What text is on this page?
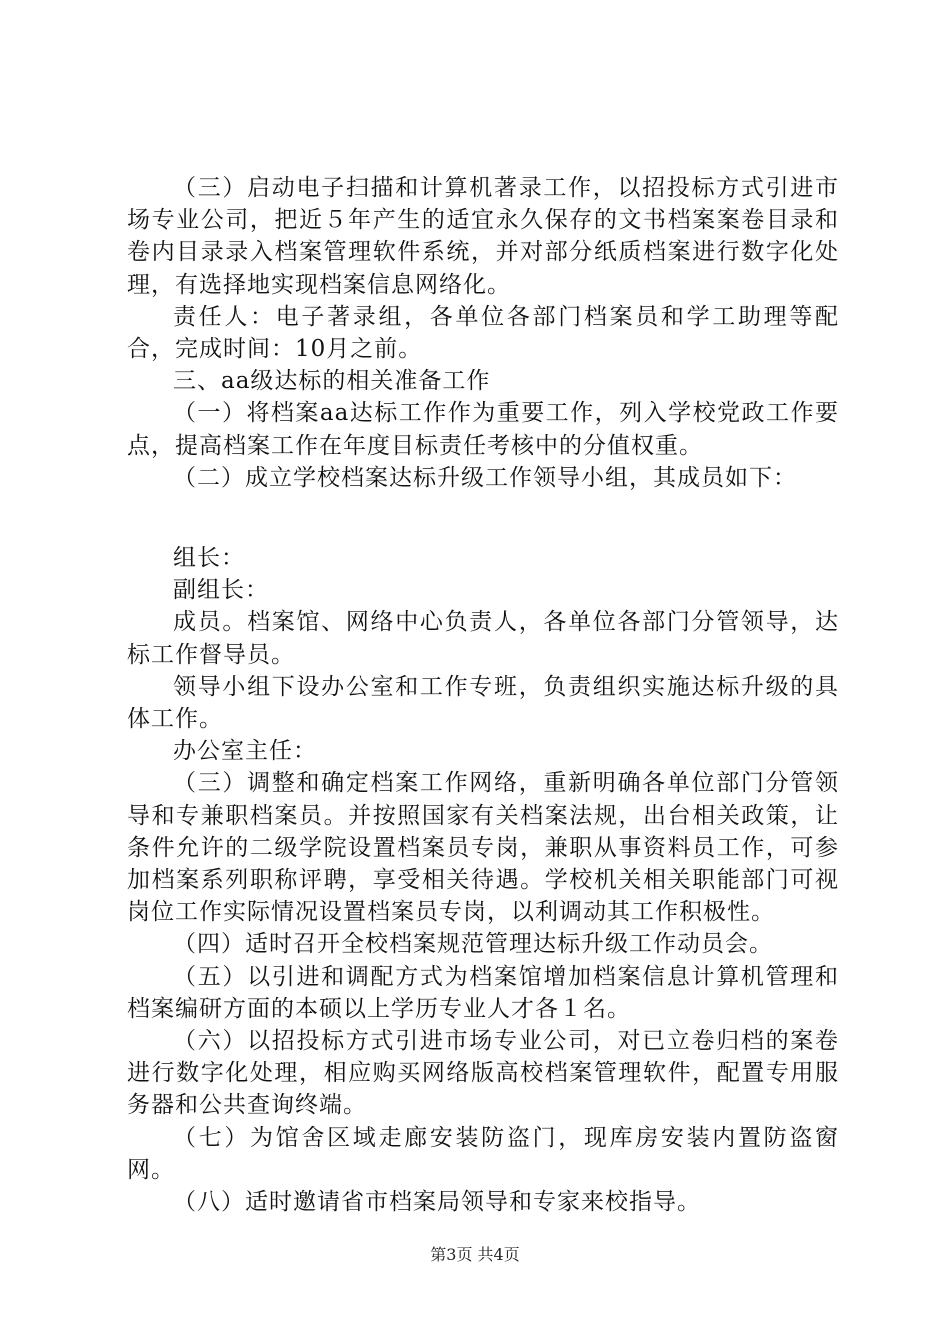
（三）启动电子扫描和计算机著录工作，以招投标方式引进市场专业公司，把近５年产生的适宜永久保存的文书档案案卷目录和卷内目录录入档案管理软件系统，并对部分纸质档案进行数字化处理，有选择地实现档案信息网络化。

责任人：电子著录组，各单位各部门档案员和学工助理等配合，完成时间：10月之前。

三、aa级达标的相关准备工作

（一）将档案aa达标工作作为重要工作，列入学校党政工作要点，提高档案工作在年度目标责任考核中的分值权重。

（二）成立学校档案达标升级工作领导小组，其成员如下：

组长：

副组长：

成员。档案馆、网络中心负责人，各单位各部门分管领导，达标工作督导员。

领导小组下设办公室和工作专班，负责组织实施达标升级的具体工作。

办公室主任：

（三）调整和确定档案工作网络，重新明确各单位部门分管领导和专兼职档案员。并按照国家有关档案法规，出台相关政策，让条件允许的二级学院设置档案员专岗，兼职从事资料员工作，可参加档案系列职称评聘，享受相关待遇。学校机关相关职能部门可视岗位工作实际情况设置档案员专岗，以利调动其工作积极性。

（四）适时召开全校档案规范管理达标升级工作动员会。

（五）以引进和调配方式为档案馆增加档案信息计算机管理和档案编研方面的本硕以上学历专业人才各１名。

（六）以招投标方式引进市场专业公司，对已立卷归档的案卷进行数字化处理，相应购买网络版高校档案管理软件，配置专用服务器和公共查询终端。

（七）为馆舍区域走廊安装防盗门，现库房安装内置防盗窗网。

（八）适时邀请省市档案局领导和专家来校指导。

第3页 共4页
